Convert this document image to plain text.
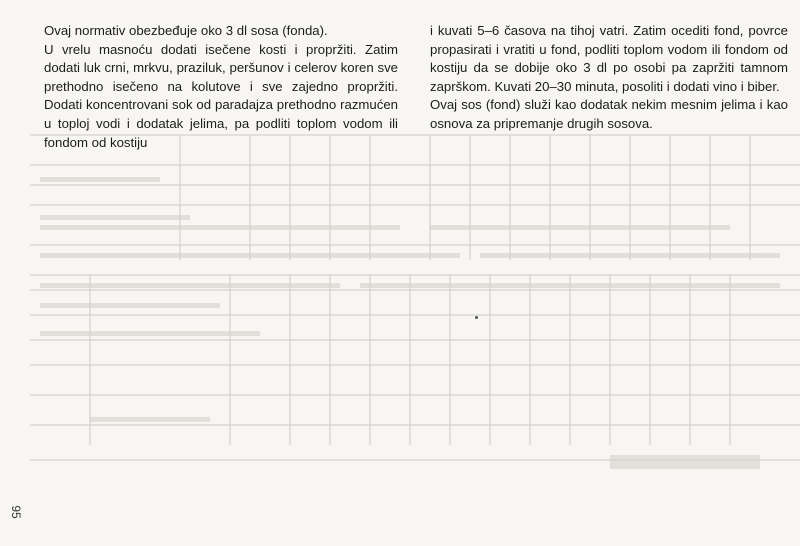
Ovaj normativ obezbeđuje oko 3 dl sosa (fonda).

U vrelu masnoću dodati isečene kosti i propržiti. Zatim dodati luk crni, mrkvu, praziluk, peršunov i celerov koren sve prethodno isečeno na kolutove i sve zajedno propržiti. Dodati koncentrovani sok od paradajza prethodno razmućen u toploj vodi i dodatak jelima, pa podliti toplom vodom ili fondom od kostiju

i kuvati 5–6 časova na tihoj vatri. Zatim ocediti fond, povrce propasirati i vratiti u fond, podliti toplom vodom ili fondom od kostiju da se dobije oko 3 dl po osobi pa zapržiti tamnom zaprškom. Kuvati 20–30 minuta, posoliti i dodati vino i biber.

Ovaj sos (fond) služi kao dodatak nekim mesnim jelima i kao osnova za pripremanje drugih sosova.

95
